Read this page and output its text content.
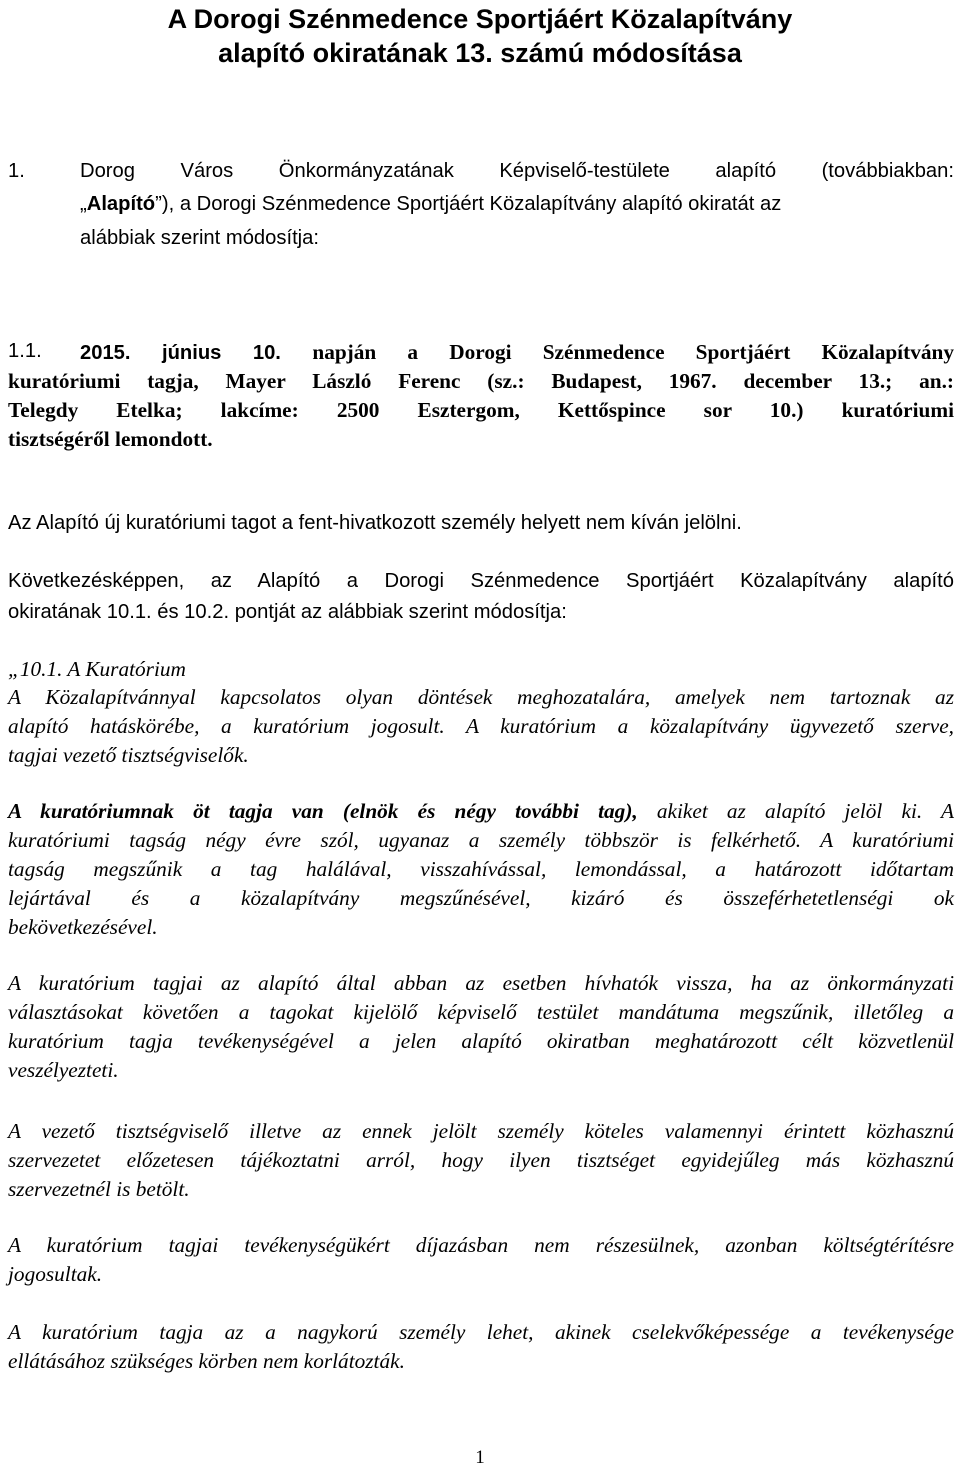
A Dorogi Szénmedence Sportjáért Közalapítvány
alapító okiratának 13. számú módosítása
1.	Dorog Város Önkormányzatának Képviselő-testülete alapító (továbbiakban:
„Alapító”), a Dorogi Szénmedence Sportjáért Közalapítvány alapító okiratát az
alábbiak szerint módosítja:
1.1. 2015. június 10. napján a Dorogi Szénmedence Sportjáért Közalapítvány
kuratóriumi tagja, Mayer László Ferenc (sz.: Budapest, 1967. december 13.; an.:
Telegdy Etelka; lakcíme: 2500 Esztergom, Kettőspince sor 10.) kuratóriumi
tisztségéről lemondott.
Az Alapító új kuratóriumi tagot a fent-hivatkozott személy helyett nem kíván jelölni.
Következésképpen, az Alapító a Dorogi Szénmedence Sportjáért Közalapítvány alapító
okiratának 10.1. és 10.2. pontját az alábbiak szerint módosítja:
„10.1. A Kuratórium
A Közalapítvánnyal kapcsolatos olyan döntések meghozatalára, amelyek nem tartoznak az
alapító hatáskörébe, a kuratórium jogosult. A kuratórium a közalapítvány ügyvezető szerve,
tagjai vezető tisztségviselők.
A kuratóriumnak öt tagja van (elnök és négy további tag), akiket az alapító jelöl ki. A
kuratóriumi tagság négy évre szól, ugyanaz a személy többször is felkérhető. A kuratóriumi
tagság megszűnik a tag halálával, visszahívással, lemondással, a határozott időtartam
lejártával és a közalapítvány megszűnésével, kizáró és összeférhetetlenségi ok
bekövetkezésével.
A kuratórium tagjai az alapító által abban az esetben hívhatók vissza, ha az önkormányzati
választásokat követően a tagokat kijelölő képviselő testület mandátuma megszűnik, illetőleg a
kuratórium tagja tevékenységével a jelen alapító okiratban meghatározott célt közvetlenül
veszélyezteti.
A vezető tisztségviselő illetve az ennek jelölt személy köteles valamennyi érintett közhasznú
szervezetet előzetesen tájékoztatni arról, hogy ilyen tisztséget egyidejűleg más közhasznú
szervezetnél is betölt.
A kuratórium tagjai tevékenységükért díjazásban nem részesülnek, azonban költségtérítésre
jogosultak.
A kuratórium tagja az a nagykorú személy lehet, akinek cselekvőképessége a tevékenysége
ellátásához szükséges körben nem korlátozták.
1
